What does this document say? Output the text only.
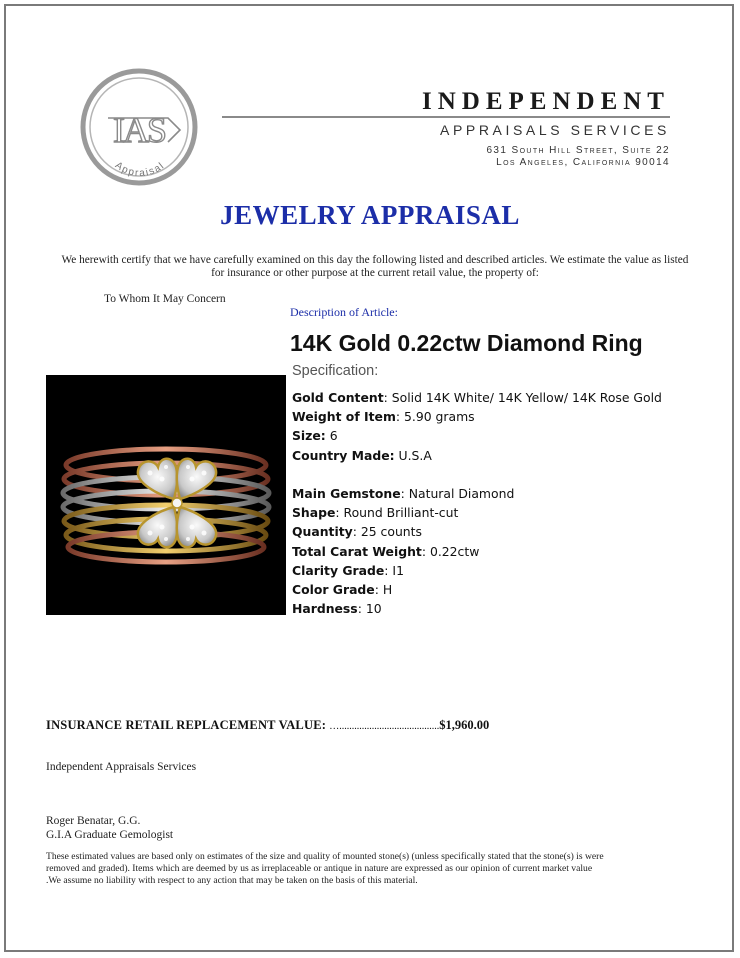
IAS
Appraisal
INDEPENDENT
APPRAISALS SERVICES
631 South Hill Street, Suite 22
Los Angeles, California 90014
JEWELRY APPRAISAL
We herewith certify that we have carefully examined on this day the following listed and described articles. We estimate the value as listed for insurance or other purpose at the current retail value, the property of:
To Whom It May Concern
Description of Article:
14K Gold 0.22ctw Diamond Ring
Specification:
Gold Content: Solid 14K White/ 14K Yellow/ 14K Rose Gold
Weight of Item: 5.90 grams
Size: 6
Country Made: U.S.A
Main Gemstone: Natural Diamond
Shape: Round Brilliant-cut
Quantity: 25 counts
Total Carat Weight: 0.22ctw
Clarity Grade: I1
Color Grade: H
Hardness: 10
INSURANCE RETAIL REPLACEMENT VALUE: …........................................$1,960.00
Independent Appraisals Services
Roger Benatar, G.G.
G.I.A Graduate Gemologist
These estimated values are based only on estimates of the size and quality of mounted stone(s) (unless specifically stated that the stone(s) is were removed and graded). Items which are deemed by us as irreplaceable or antique in nature are expressed as our opinion of current market value .We assume no liability with respect to any action that may be taken on the basis of this material.
